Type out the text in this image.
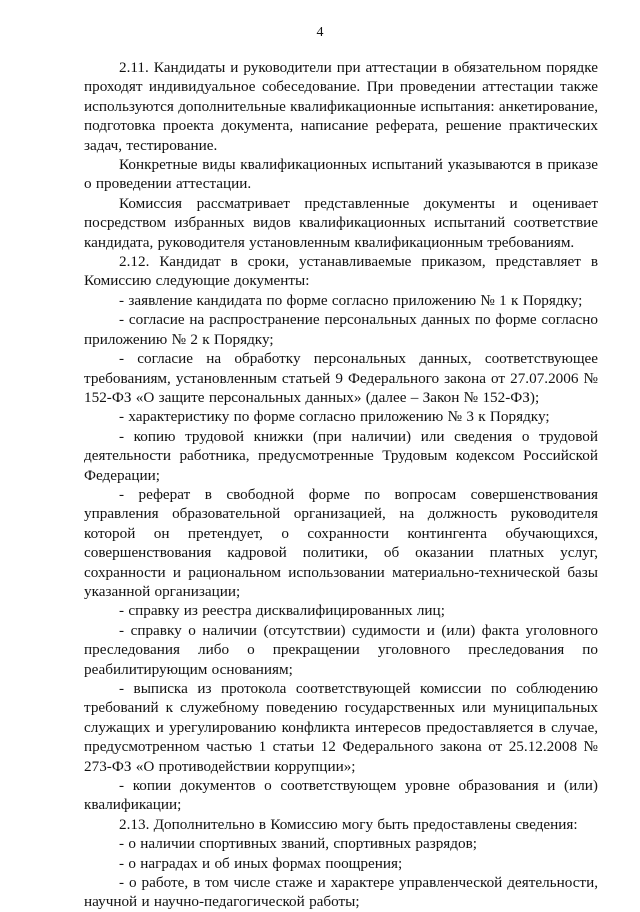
4

2.11. Кандидаты и руководители при аттестации в обязательном порядке проходят индивидуальное собеседование. При проведении аттестации также используются дополнительные квалификационные испытания: анкетирование, подготовка проекта документа, написание реферата, решение практических задач, тестирование.

Конкретные виды квалификационных испытаний указываются в приказе о проведении аттестации.

Комиссия рассматривает представленные документы и оценивает посредством избранных видов квалификационных испытаний соответствие кандидата, руководителя установленным квалификационным требованиям.

2.12. Кандидат в сроки, устанавливаемые приказом, представляет в Комиссию следующие документы:

- заявление кандидата по форме согласно приложению № 1 к Порядку;

- согласие на распространение персональных данных по форме согласно приложению № 2 к Порядку;

- согласие на обработку персональных данных, соответствующее требованиям, установленным статьей 9 Федерального закона от 27.07.2006 № 152-ФЗ «О защите персональных данных» (далее – Закон № 152-ФЗ);

- характеристику по форме согласно приложению № 3 к Порядку;

- копию трудовой книжки (при наличии) или сведения о трудовой деятельности работника, предусмотренные Трудовым кодексом Российской Федерации;

- реферат в свободной форме по вопросам совершенствования управления образовательной организацией, на должность руководителя которой он претендует, о сохранности контингента обучающихся, совершенствования кадровой политики, об оказании платных услуг, сохранности и рациональном использовании материально-технической базы указанной организации;

- справку из реестра дисквалифицированных лиц;

- справку о наличии (отсутствии) судимости и (или) факта уголовного преследования либо о прекращении уголовного преследования по реабилитирующим основаниям;

- выписка из протокола соответствующей комиссии по соблюдению требований к служебному поведению государственных или муниципальных служащих и урегулированию конфликта интересов предоставляется в случае, предусмотренном частью 1 статьи 12 Федерального закона от 25.12.2008 № 273-ФЗ «О противодействии коррупции»;

- копии документов о соответствующем уровне образования и (или) квалификации;

2.13. Дополнительно в Комиссию могу быть предоставлены сведения:

- о наличии спортивных званий, спортивных разрядов;

- о наградах и об иных формах поощрения;

- о работе, в том числе стаже и характере управленческой деятельности, научной и научно-педагогической работы;
